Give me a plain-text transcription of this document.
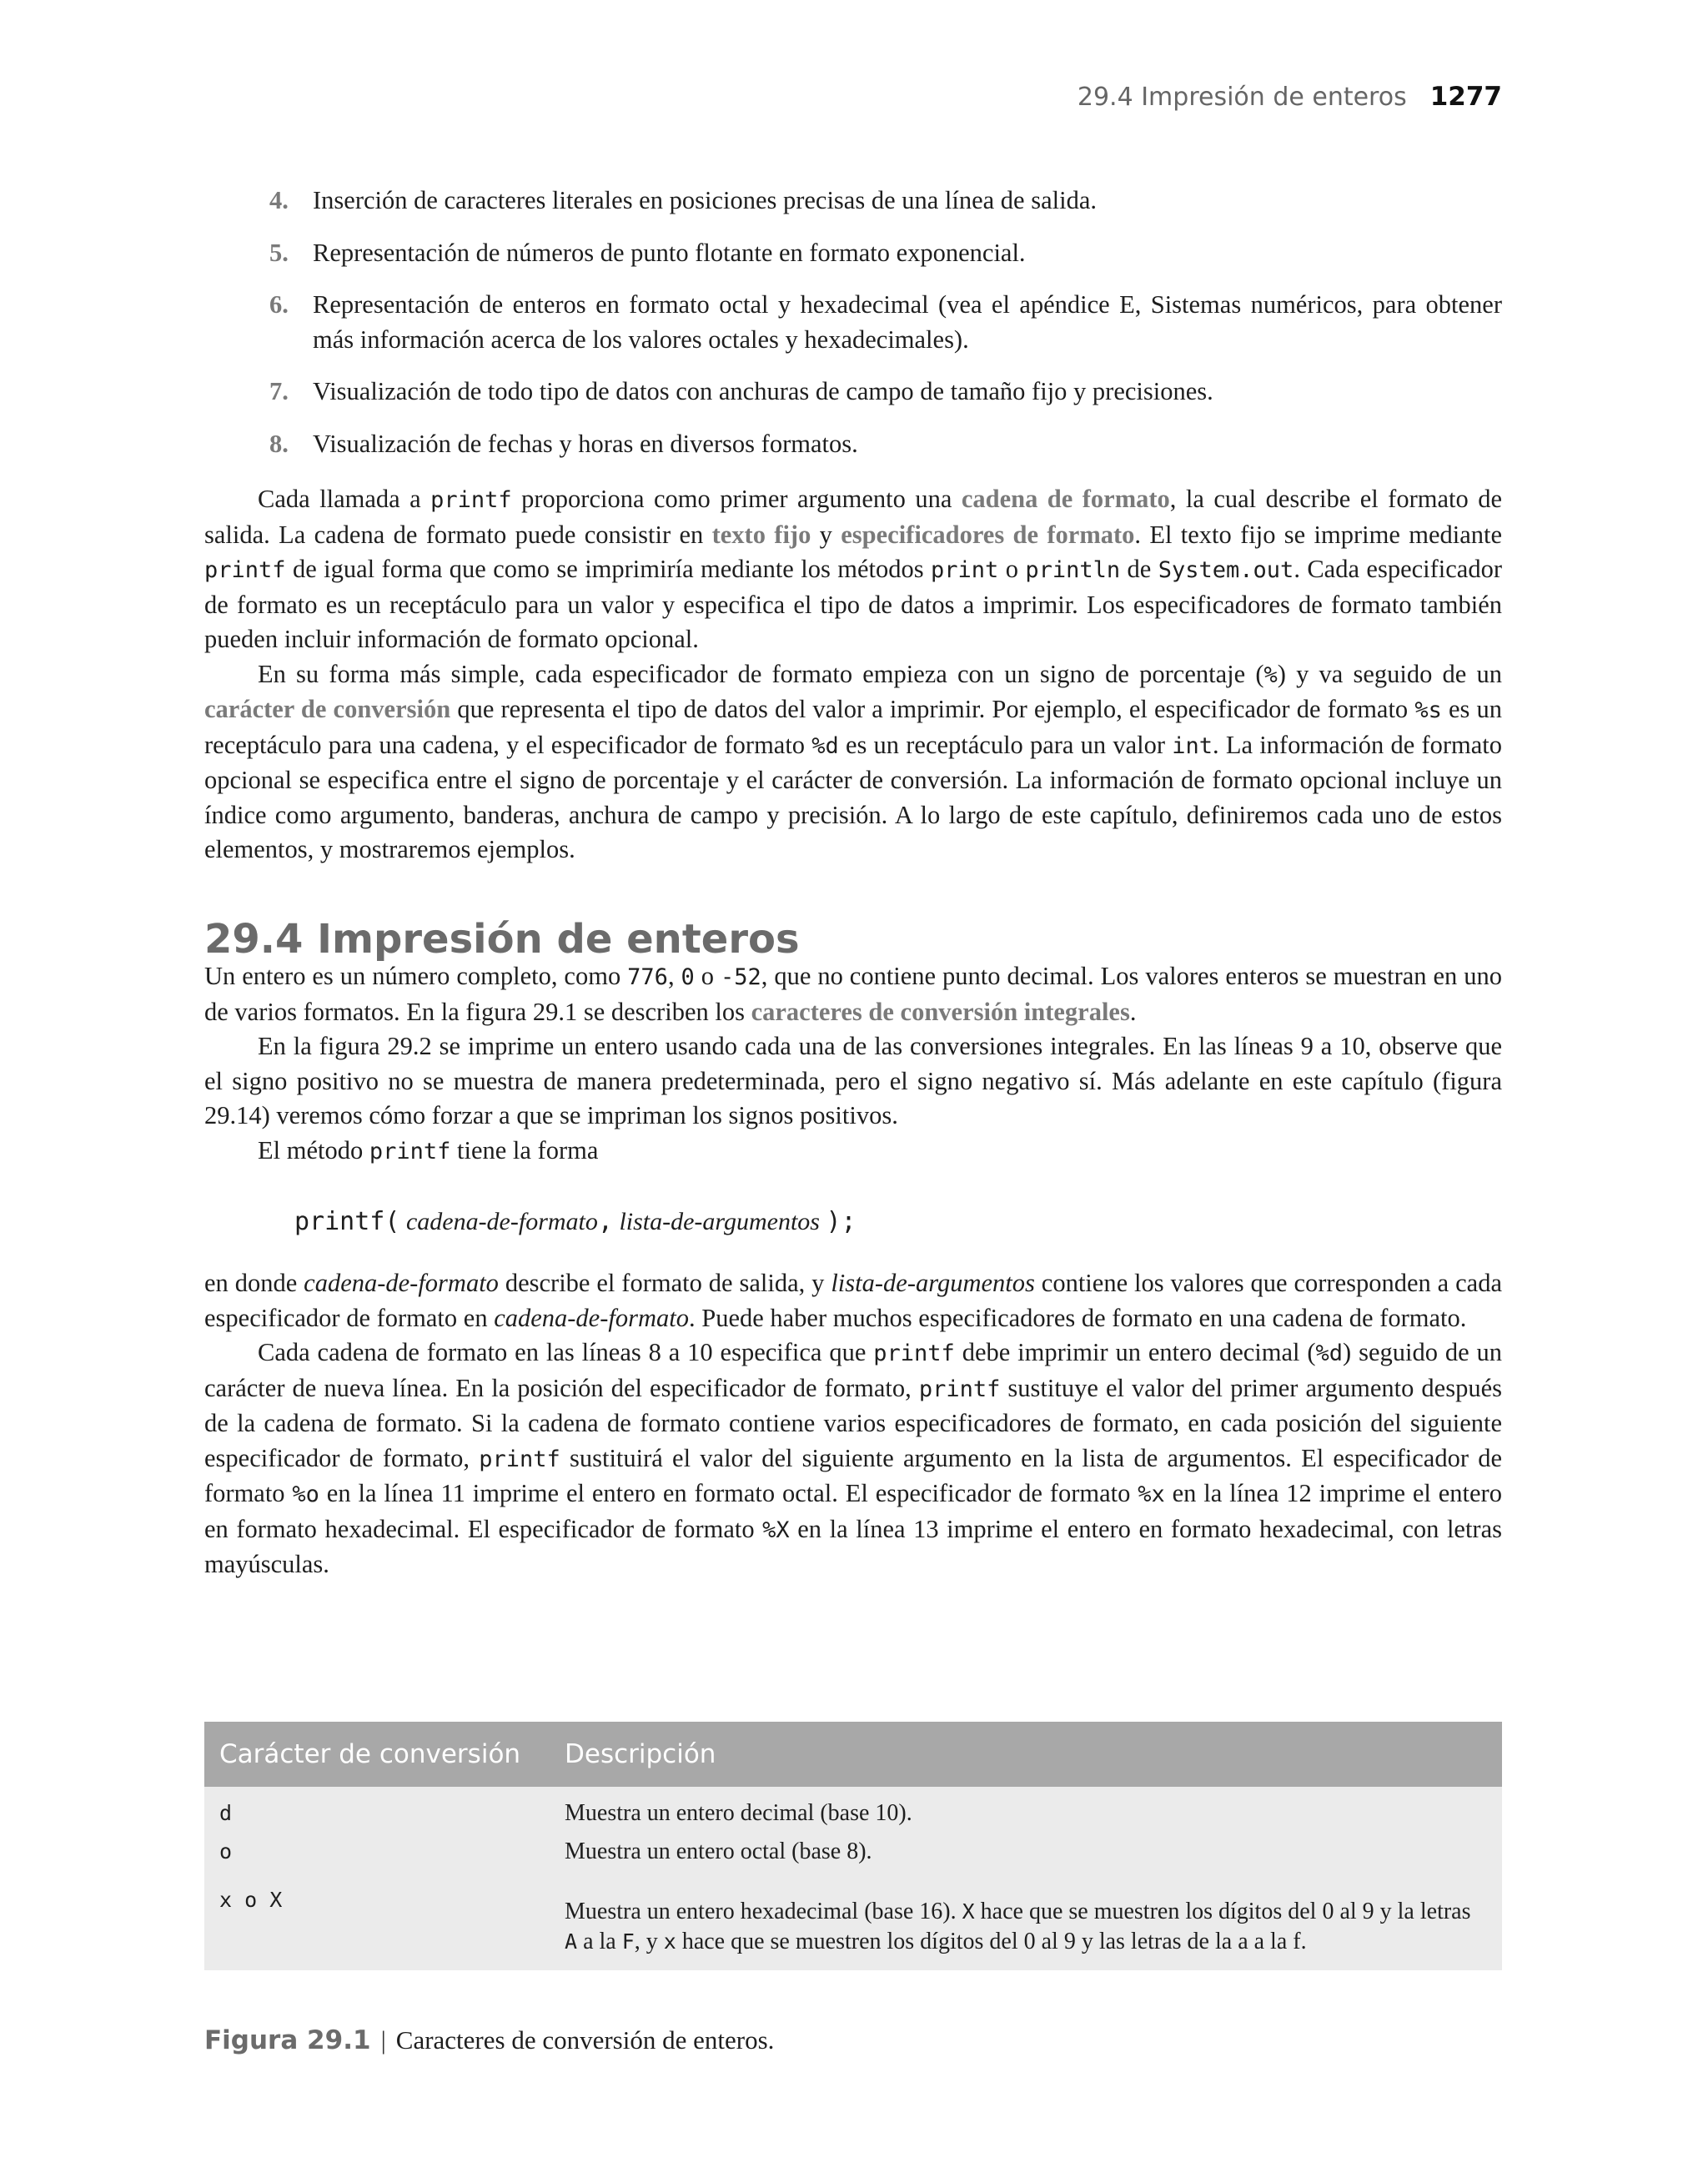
29.4 Impresión de enteros 1277
4. Inserción de caracteres literales en posiciones precisas de una línea de salida.
5. Representación de números de punto flotante en formato exponencial.
6. Representación de enteros en formato octal y hexadecimal (vea el apéndice E, Sistemas numéricos, para obtener más información acerca de los valores octales y hexadecimales).
7. Visualización de todo tipo de datos con anchuras de campo de tamaño fijo y precisiones.
8. Visualización de fechas y horas en diversos formatos.

Cada llamada a printf proporciona como primer argumento una cadena de formato, la cual describe el formato de salida. La cadena de formato puede consistir en texto fijo y especificadores de formato. El texto fijo se imprime mediante printf de igual forma que como se imprimiría mediante los métodos print o println de System.out. Cada especificador de formato es un receptáculo para un valor y especifica el tipo de datos a imprimir. Los especificadores de formato también pueden incluir información de formato opcional.

En su forma más simple, cada especificador de formato empieza con un signo de porcentaje (%) y va seguido de un carácter de conversión que representa el tipo de datos del valor a imprimir. Por ejemplo, el especificador de formato %s es un receptáculo para una cadena, y el especificador de formato %d es un receptáculo para un valor int. La información de formato opcional se especifica entre el signo de porcentaje y el carácter de conversión. La información de formato opcional incluye un índice como argumento, banderas, anchura de campo y precisión. A lo largo de este capítulo, definiremos cada uno de estos elementos, y mostraremos ejemplos.

29.4 Impresión de enteros

Un entero es un número completo, como 776, 0 o -52, que no contiene punto decimal. Los valores enteros se muestran en uno de varios formatos. En la figura 29.1 se describen los caracteres de conversión integrales.

En la figura 29.2 se imprime un entero usando cada una de las conversiones integrales. En las líneas 9 a 10, observe que el signo positivo no se muestra de manera predeterminada, pero el signo negativo sí. Más adelante en este capítulo (figura 29.14) veremos cómo forzar a que se impriman los signos positivos.

El método printf tiene la forma

printf( cadena-de-formato, lista-de-argumentos );

en donde cadena-de-formato describe el formato de salida, y lista-de-argumentos contiene los valores que corresponden a cada especificador de formato en cadena-de-formato. Puede haber muchos especificadores de formato en una cadena de formato.

Cada cadena de formato en las líneas 8 a 10 especifica que printf debe imprimir un entero decimal (%d) seguido de un carácter de nueva línea. En la posición del especificador de formato, printf sustituye el valor del primer argumento después de la cadena de formato. Si la cadena de formato contiene varios especificadores de formato, en cada posición del siguiente especificador de formato, printf sustituirá el valor del siguiente argumento en la lista de argumentos. El especificador de formato %o en la línea 11 imprime el entero en formato octal. El especificador de formato %x en la línea 12 imprime el entero en formato hexadecimal. El especificador de formato %X en la línea 13 imprime el entero en formato hexadecimal, con letras mayúsculas.

Carácter de conversión	Descripción
d	Muestra un entero decimal (base 10).
o	Muestra un entero octal (base 8).
x o X	Muestra un entero hexadecimal (base 16). X hace que se muestren los dígitos del 0 al 9 y la letras A a la F, y x hace que se muestren los dígitos del 0 al 9 y las letras de la a a la f.
Figura 29.1 | Caracteres de conversión de enteros.
